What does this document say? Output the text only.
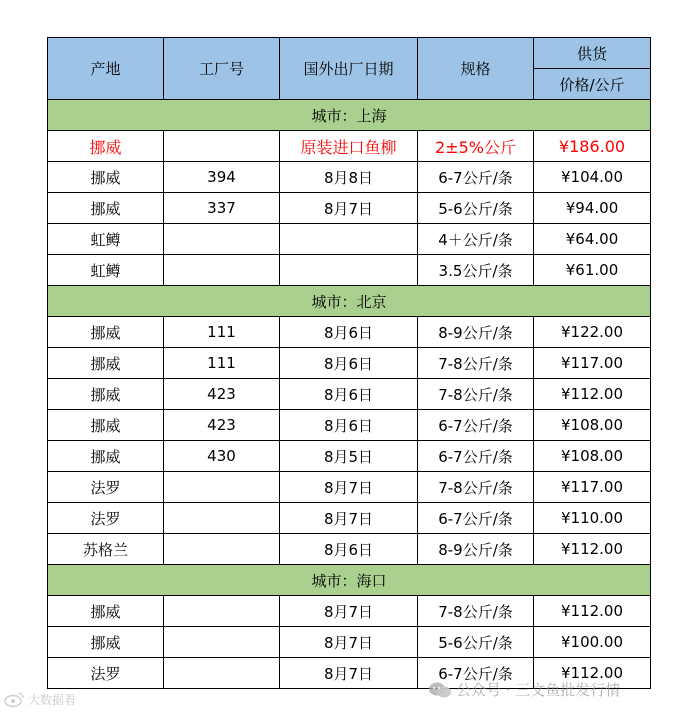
产地	工厂号	国外出厂日期	规格	供货
				价格/公斤
城市：上海				
挪威		原装进口鱼柳	2±5%公斤	¥186.00
挪威	394	8月8日	6-7公斤/条	¥104.00
挪威	337	8月7日	5-6公斤/条	¥94.00
虹鳟			4＋公斤/条	¥64.00
虹鳟			3.5公斤/条	¥61.00
城市：北京				
挪威	111	8月6日	8-9公斤/条	¥122.00
挪威	111	8月6日	7-8公斤/条	¥117.00
挪威	423	8月6日	7-8公斤/条	¥112.00
挪威	423	8月6日	6-7公斤/条	¥108.00
挪威	430	8月5日	6-7公斤/条	¥108.00
法罗		8月7日	7-8公斤/条	¥117.00
法罗		8月7日	6-7公斤/条	¥110.00
苏格兰		8月6日	8-9公斤/条	¥112.00
城市：海口				
挪威		8月7日	7-8公斤/条	¥112.00
挪威		8月7日	5-6公斤/条	¥100.00
法罗		8月7日	6-7公斤/条	¥112.00
大数据看
公众号 · 三文鱼批发行情
